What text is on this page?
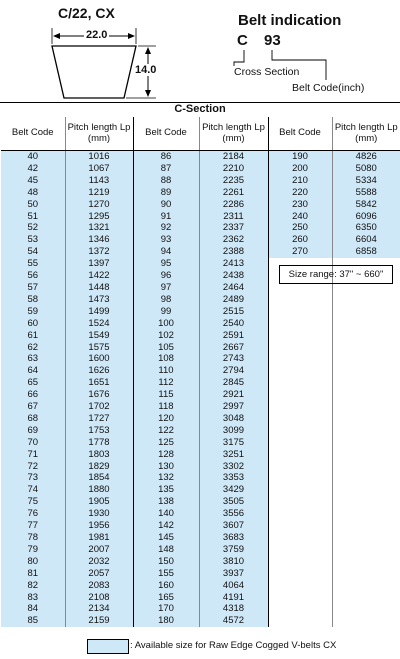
C/22, CX
22.0
14.0
Belt indication
C 93
Cross Section
Belt Code(inch)
C-Section
Belt Code	Pitch length Lp (mm)	Belt Code	Pitch length Lp (mm)	Belt Code	Pitch length Lp (mm)
40	1016	86	2184	190	4826
42	1067	87	2210	200	5080
45	1143	88	2235	210	5334
48	1219	89	2261	220	5588
50	1270	90	2286	230	5842
51	1295	91	2311	240	6096
52	1321	92	2337	250	6350
53	1346	93	2362	260	6604
54	1372	94	2388	270	6858
55	1397	95	2413		
56	1422	96	2438		
57	1448	97	2464		
58	1473	98	2489		
59	1499	99	2515		
60	1524	100	2540		
61	1549	102	2591		
62	1575	105	2667		
63	1600	108	2743		
64	1626	110	2794		
65	1651	112	2845		
66	1676	115	2921		
67	1702	118	2997		
68	1727	120	3048		
69	1753	122	3099		
70	1778	125	3175		
71	1803	128	3251		
72	1829	130	3302		
73	1854	132	3353		
74	1880	135	3429		
75	1905	138	3505		
76	1930	140	3556		
77	1956	142	3607		
78	1981	145	3683		
79	2007	148	3759		
80	2032	150	3810		
81	2057	155	3937		
82	2083	160	4064		
83	2108	165	4191		
84	2134	170	4318		
85	2159	180	4572		
Size range: 37" ~ 660"
: Available size for Raw Edge Cogged V-belts CX
